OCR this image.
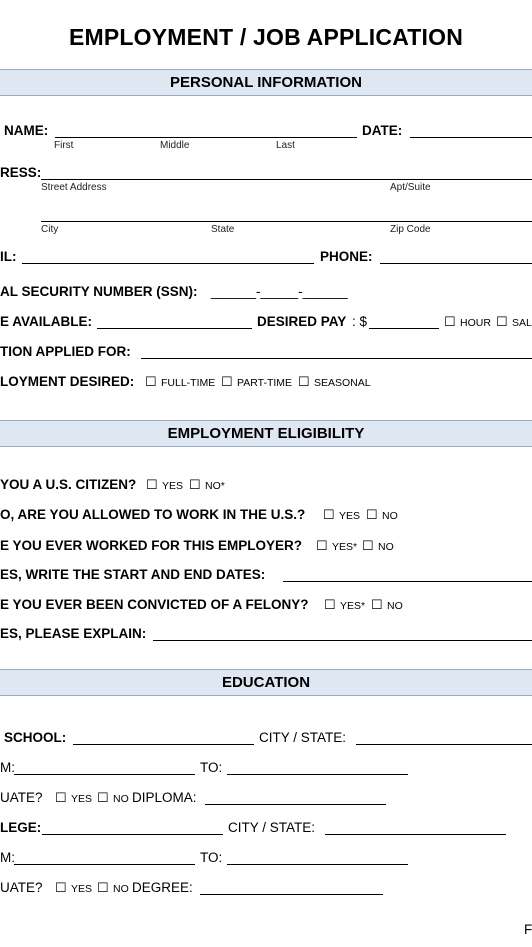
EMPLOYMENT / JOB APPLICATION
PERSONAL INFORMATION
NAME:	DATE:
First	Middle	Last
RESS:
Street Address	Apt/Suite
City	State	Zip Code
IL:	PHONE:
AL SECURITY NUMBER (SSN): ______-_____-______
E AVAILABLE:	DESIRED PAY : $	☐ HOUR ☐ SAL
TION APPLIED FOR:
LOYMENT DESIRED: ☐ FULL-TIME ☐ PART-TIME ☐ SEASONAL
EMPLOYMENT ELIGIBILITY
YOU A U.S. CITIZEN? ☐ YES ☐ NO*
O, ARE YOU ALLOWED TO WORK IN THE U.S.? ☐ YES ☐ NO
E YOU EVER WORKED FOR THIS EMPLOYER? ☐ YES* ☐ NO
ES, WRITE THE START AND END DATES:
E YOU EVER BEEN CONVICTED OF A FELONY? ☐ YES* ☐ NO
ES, PLEASE EXPLAIN:
EDUCATION
SCHOOL:	CITY / STATE:
M:	TO:
UATE? ☐ YES ☐ NO DIPLOMA:
LEGE:	CITY / STATE:
M:	TO:
UATE? ☐ YES ☐ NO DEGREE:
F
